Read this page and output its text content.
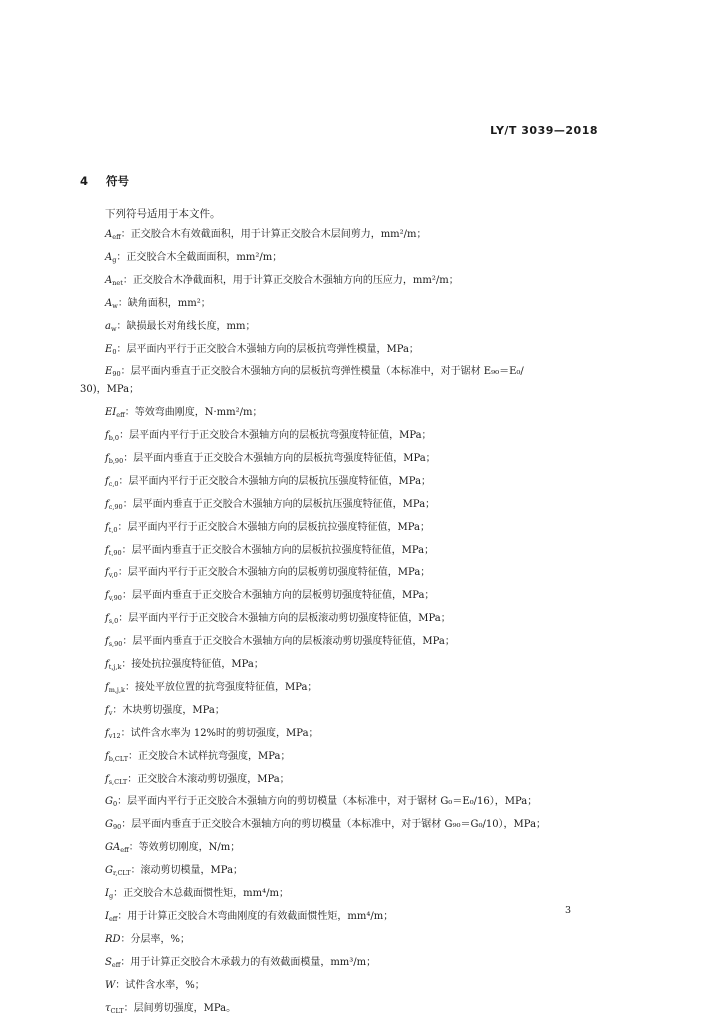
LY/T 3039—2018
4 符号
下列符号适用于本文件。
$A_{eff}$：正交胶合木有效截面积，用于计算正交胶合木层间剪力，mm²/m；
$A_g$：正交胶合木全截面面积，mm²/m；
$A_{net}$：正交胶合木净截面积，用于计算正交胶合木强轴方向的压应力，mm²/m；
$A_w$：缺角面积，mm²；
$a_w$：缺损最长对角线长度，mm；
$E_0$：层平面内平行于正交胶合木强轴方向的层板抗弯弹性模量，MPa；
$E_{90}$：层平面内垂直于正交胶合木强轴方向的层板抗弯弹性模量（本标准中，对于锯材 E₉₀＝E₀/
30)，MPa；
$EI_{eff}$：等效弯曲刚度，N·mm²/m；
$f_{b,0}$：层平面内平行于正交胶合木强轴方向的层板抗弯强度特征值，MPa；
$f_{b,90}$：层平面内垂直于正交胶合木强轴方向的层板抗弯强度特征值，MPa；
$f_{c,0}$：层平面内平行于正交胶合木强轴方向的层板抗压强度特征值，MPa；
$f_{c,90}$：层平面内垂直于正交胶合木强轴方向的层板抗压强度特征值，MPa；
$f_{t,0}$：层平面内平行于正交胶合木强轴方向的层板抗拉强度特征值，MPa；
$f_{t,90}$：层平面内垂直于正交胶合木强轴方向的层板抗拉强度特征值，MPa；
$f_{v,0}$：层平面内平行于正交胶合木强轴方向的层板剪切强度特征值，MPa；
$f_{v,90}$：层平面内垂直于正交胶合木强轴方向的层板剪切强度特征值，MPa；
$f_{s,0}$：层平面内平行于正交胶合木强轴方向的层板滚动剪切强度特征值，MPa；
$f_{s,90}$：层平面内垂直于正交胶合木强轴方向的层板滚动剪切强度特征值，MPa；
$f_{t,j,k}$：接处抗拉强度特征值，MPa；
$f_{m,j,k}$：接处平放位置的抗弯强度特征值，MPa；
$f_v$：木块剪切强度，MPa；
$f_{v12}$：试件含水率为 12%时的剪切强度，MPa；
$f_{b,CLT}$：正交胶合木试样抗弯强度，MPa；
$f_{s,CLT}$：正交胶合木滚动剪切强度，MPa；
$G_0$：层平面内平行于正交胶合木强轴方向的剪切模量（本标准中，对于锯材 G₀＝E₀/16），MPa；
$G_{90}$：层平面内垂直于正交胶合木强轴方向的剪切模量（本标准中，对于锯材 G₉₀＝G₀/10），MPa；
$GA_{eff}$：等效剪切刚度，N/m；
$G_{r,CLT}$：滚动剪切模量，MPa；
$I_g$：正交胶合木总截面惯性矩，mm⁴/m；
$I_{eff}$：用于计算正交胶合木弯曲刚度的有效截面惯性矩，mm⁴/m；
RD：分层率，%；
$S_{eff}$：用于计算正交胶合木承载力的有效截面模量，mm³/m；
W：试件含水率，%；
$\tau_{CLT}$：层间剪切强度，MPa。
3
